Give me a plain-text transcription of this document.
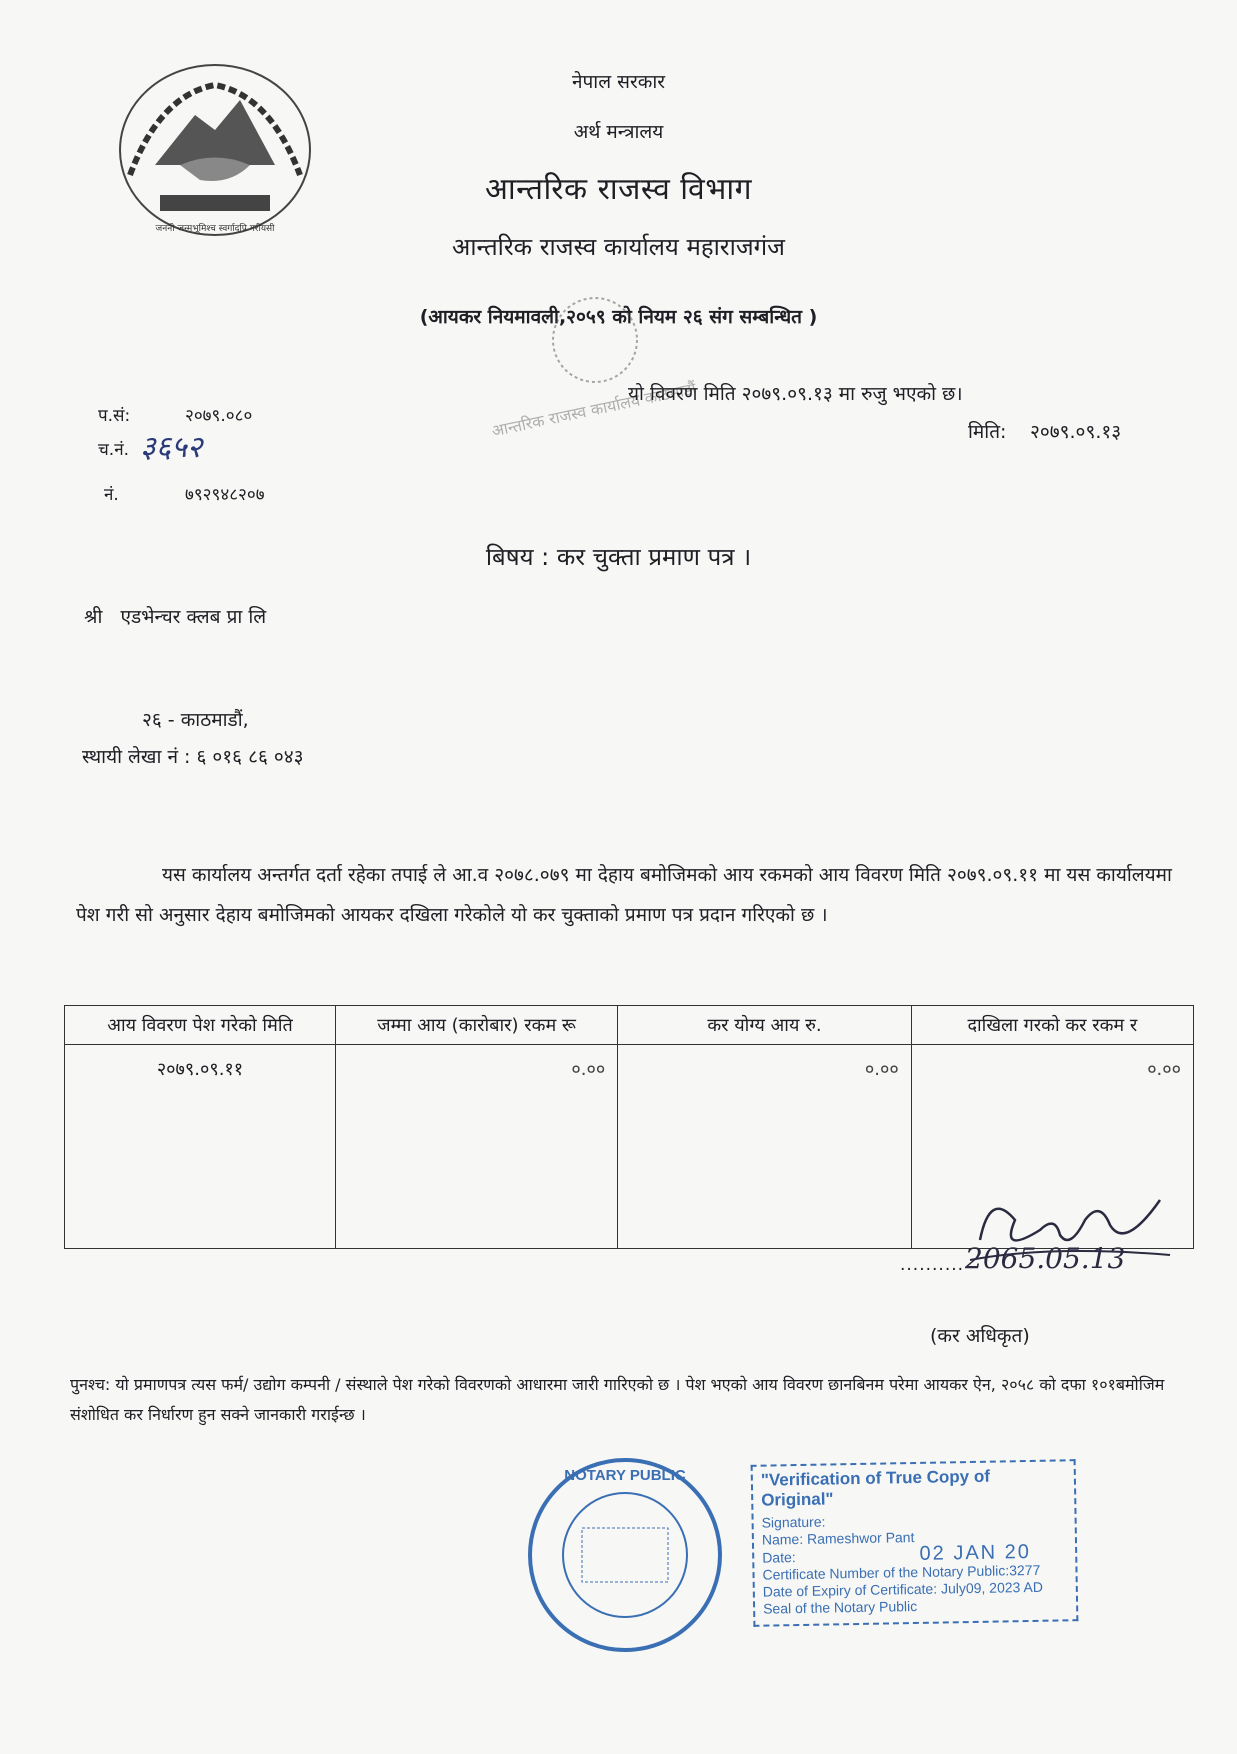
जननी जन्मभूमिश्च स्वर्गादपि गरीयसी
नेपाल सरकार
अर्थ मन्त्रालय
आन्तरिक राजस्व विभाग
आन्तरिक राजस्व कार्यालय महाराजगंज
(आयकर नियमावली,२०५९ को नियम २६ संग सम्बन्धित )
आन्तरिक राजस्व कार्यालय काठमाडौं
प.सं:	२०७९.०८०
च.नं. ३६५२
नं.	७९२९४८२०७
यो विवरण मिति २०७९.०९.१३ मा रुजु भएको छ।
मिति: २०७९.०९.१३
बिषय : कर चुक्ता प्रमाण पत्र ।
श्री   एडभेन्चर क्लब प्रा लि
२६ - काठमाडौं,
स्थायी लेखा नं : ६ ०१६ ८६ ०४३
यस कार्यालय अन्तर्गत दर्ता रहेका तपाई ले आ.व २०७८.०७९ मा देहाय बमोजिमको आय रकमको आय विवरण मिति २०७९.०९.११ मा यस कार्यालयमा पेश गरी सो अनुसार देहाय बमोजिमको आयकर दखिला गरेकोले यो कर चुक्ताको प्रमाण पत्र प्रदान गरिएको छ ।
आय विवरण पेश गरेको मिति	जम्मा आय (कारोबार) रकम रू	कर योग्य आय रु.	दाखिला गरको कर रकम र
२०७९.०९.११	०.००	०.००	०.००
.......... 2065.05.13
(कर अधिकृत)
पुनश्च: यो प्रमाणपत्र त्यस फर्म/ उद्योग कम्पनी / संस्थाले पेश गरेको विवरणको आधारमा जारी गारिएको छ । पेश भएको आय विवरण छानबिनम परेमा आयकर ऐन, २०५८ को दफा १०१बमोजिम संशोधित कर निर्धारण हुन सक्ने जानकारी गराईन्छ ।
NOTARY PUBLIC	"Verification of True Copy of Original"
Signature:
Name: Rameshwor Pant
Date:	02 JAN 20
Certificate Number of the Notary Public:3277
Date of Expiry of Certificate: July09, 2023 AD
Seal of the Notary Public
